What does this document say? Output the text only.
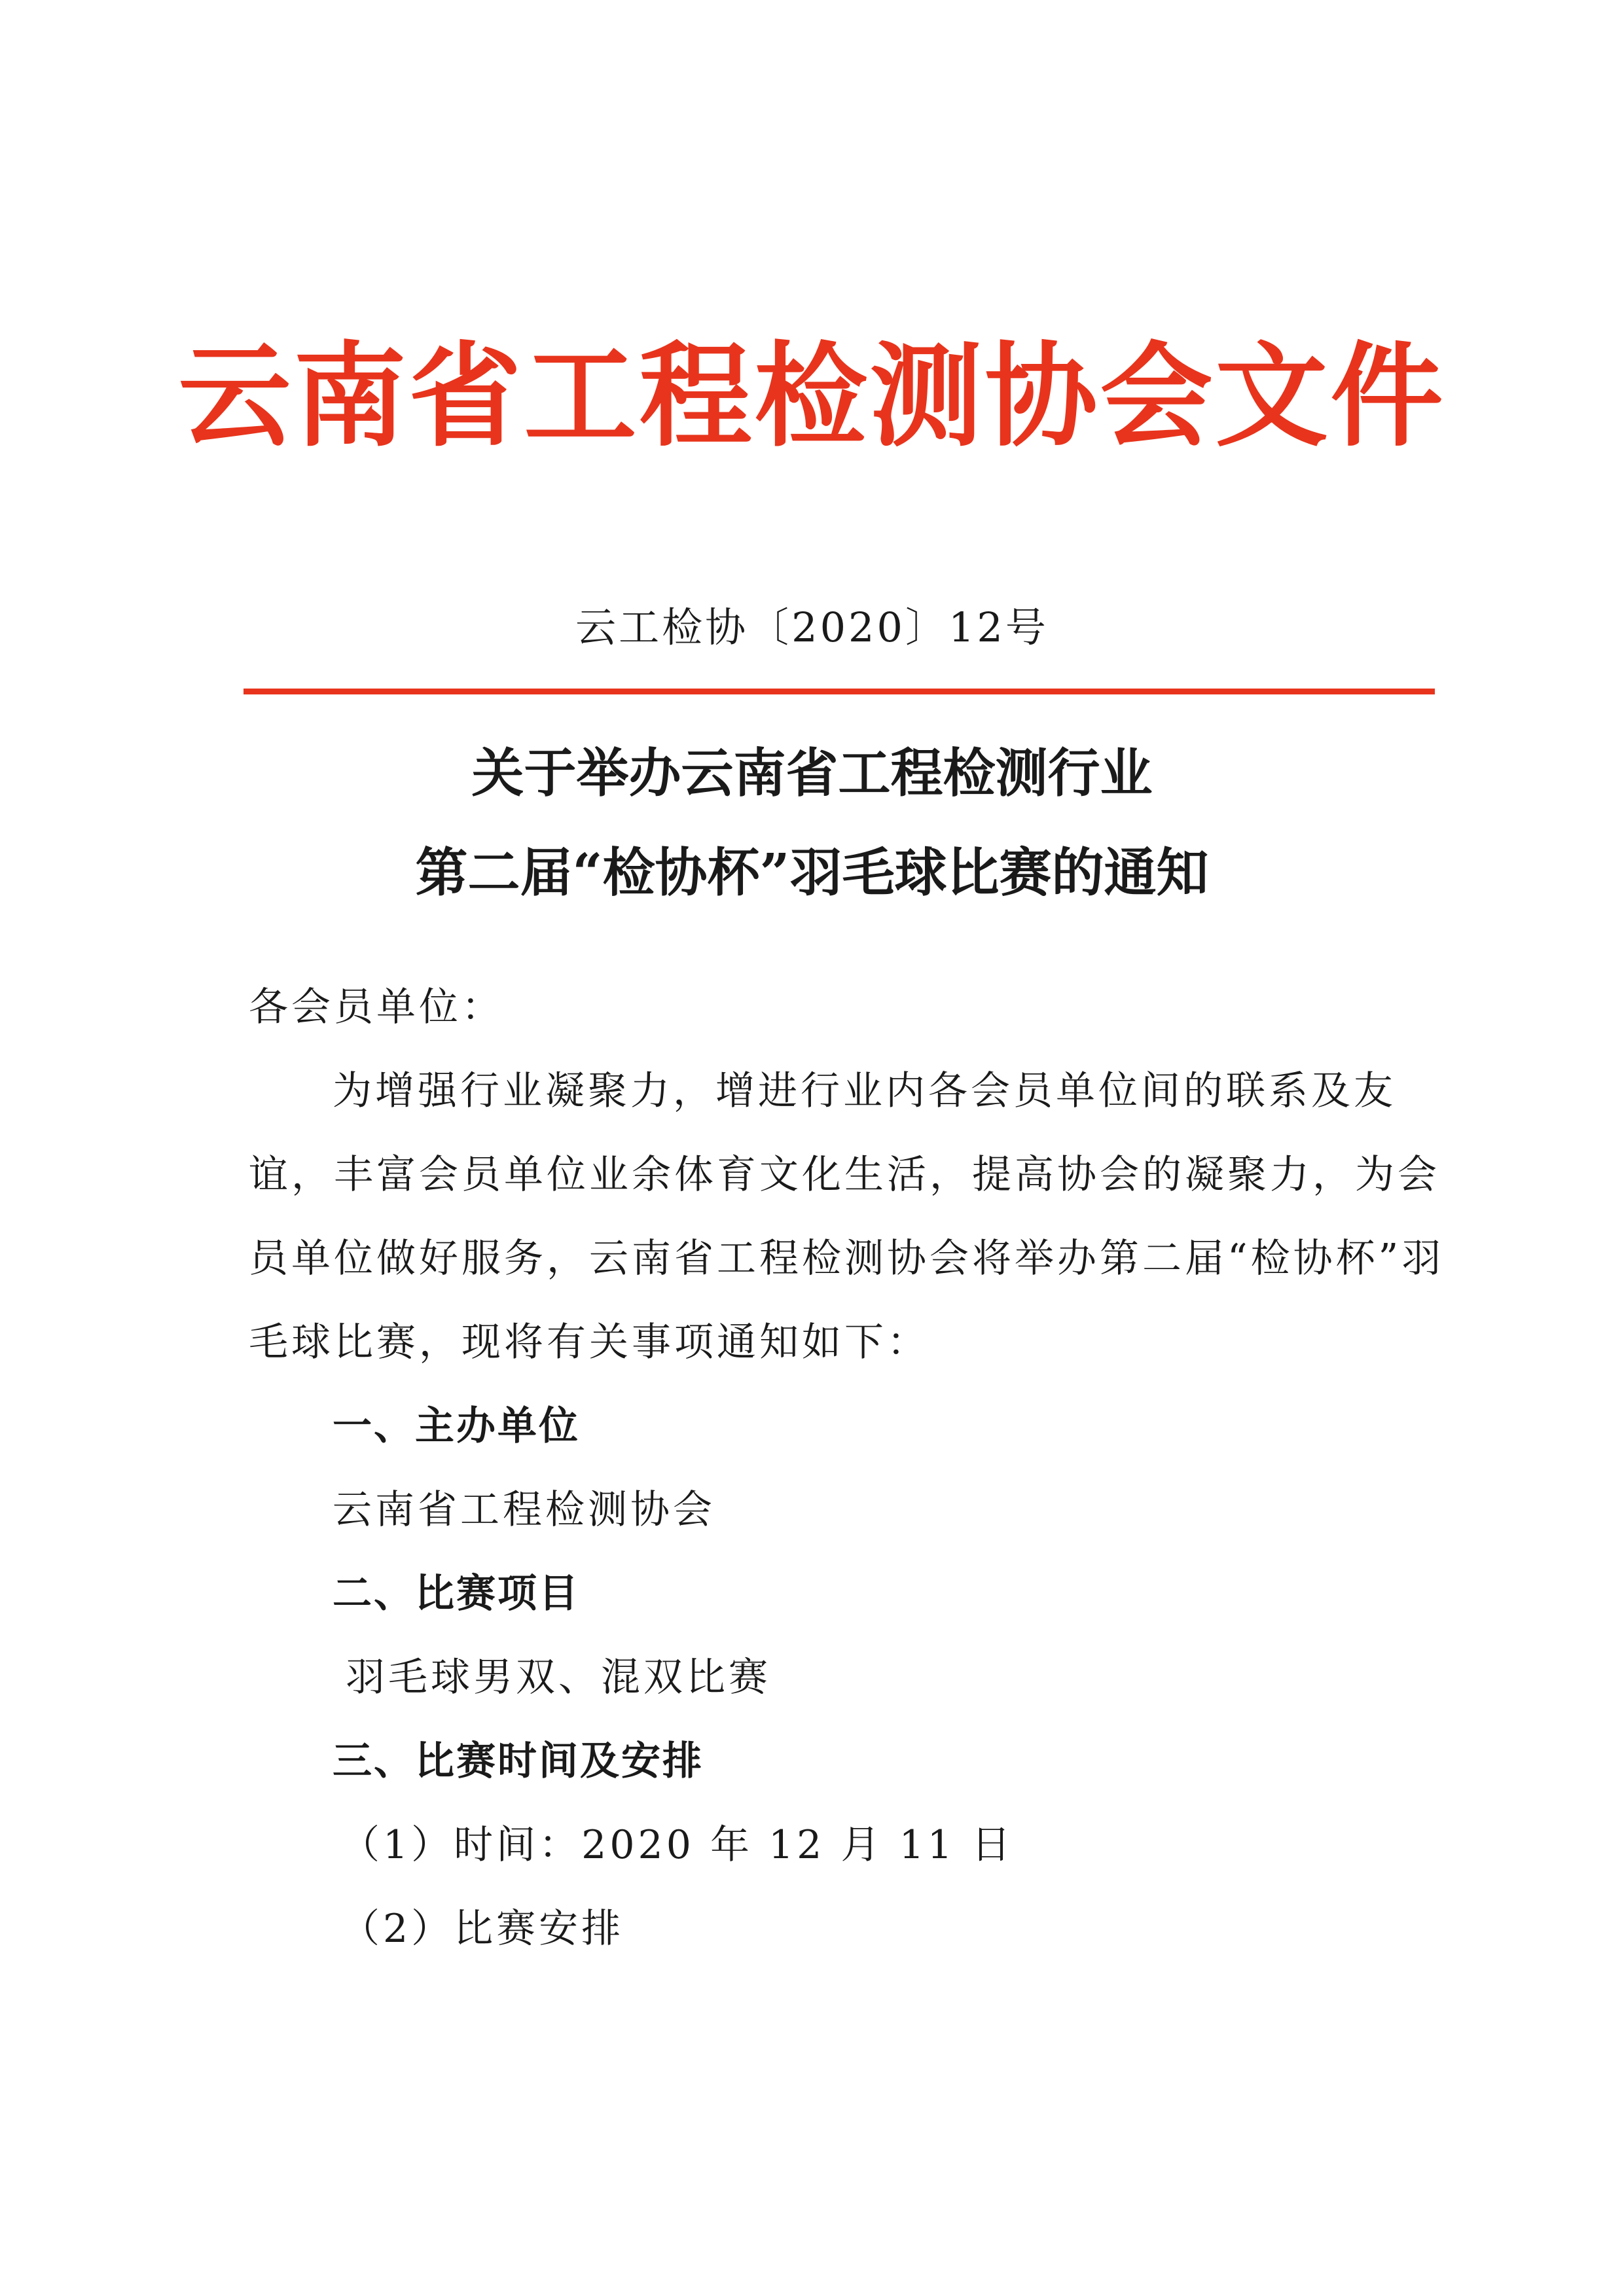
云南省工程检测协会文件
云工检协〔2020〕12号
关于举办云南省工程检测行业
第二届“检协杯”羽毛球比赛的通知

各会员单位：

为增强行业凝聚力，增进行业内各会员单位间的联系及友谊，丰富会员单位业余体育文化生活，提高协会的凝聚力，为会员单位做好服务，云南省工程检测协会将举办第二届“检协杯”羽毛球比赛，现将有关事项通知如下：

一、主办单位

云南省工程检测协会

二、比赛项目

羽毛球男双、混双比赛

三、比赛时间及安排

（1）时间：2020 年 12 月 11 日

（2）比赛安排
